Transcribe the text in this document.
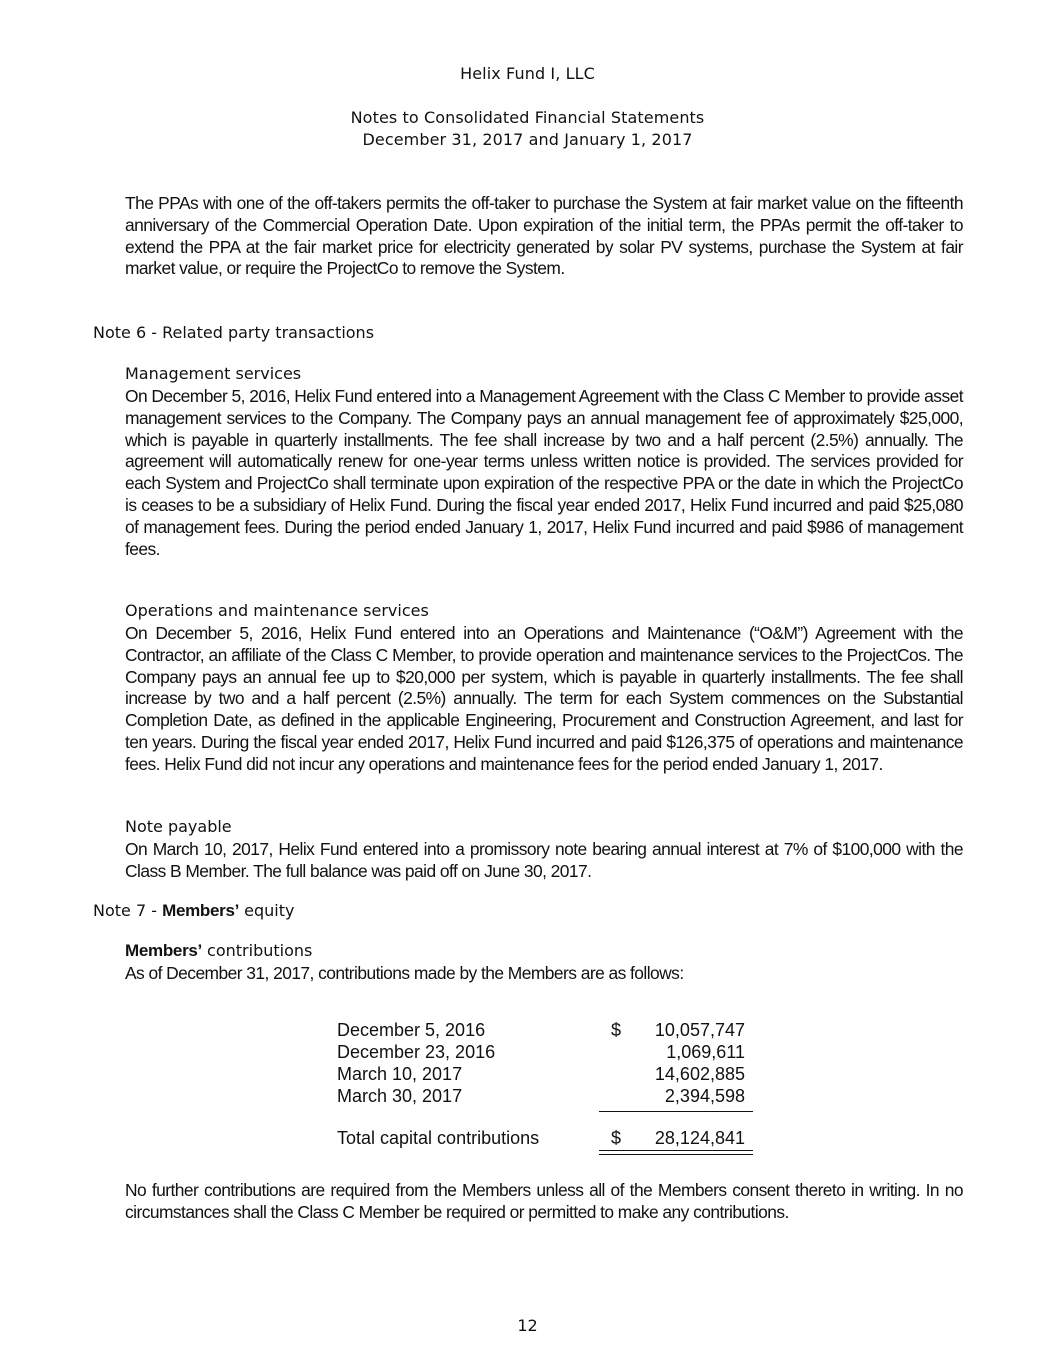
Helix Fund I, LLC
Notes to Consolidated Financial Statements
December 31, 2017 and January 1, 2017
The PPAs with one of the off-takers permits the off-taker to purchase the System at fair market value on the fifteenth anniversary of the Commercial Operation Date. Upon expiration of the initial term, the PPAs permit the off-taker to extend the PPA at the fair market price for electricity generated by solar PV systems, purchase the System at fair market value, or require the ProjectCo to remove the System.
Note 6 - Related party transactions
Management services
On December 5, 2016, Helix Fund entered into a Management Agreement with the Class C Member to provide asset management services to the Company. The Company pays an annual management fee of approximately $25,000, which is payable in quarterly installments. The fee shall increase by two and a half percent (2.5%) annually. The agreement will automatically renew for one-year terms unless written notice is provided. The services provided for each System and ProjectCo shall terminate upon expiration of the respective PPA or the date in which the ProjectCo is ceases to be a subsidiary of Helix Fund. During the fiscal year ended 2017, Helix Fund incurred and paid $25,080 of management fees. During the period ended January 1, 2017, Helix Fund incurred and paid $986 of management fees.
Operations and maintenance services
On December 5, 2016, Helix Fund entered into an Operations and Maintenance (“O&M”) Agreement with the Contractor, an affiliate of the Class C Member, to provide operation and maintenance services to the ProjectCos. The Company pays an annual fee up to $20,000 per system, which is payable in quarterly installments. The fee shall increase by two and a half percent (2.5%) annually. The term for each System commences on the Substantial Completion Date, as defined in the applicable Engineering, Procurement and Construction Agreement, and last for ten years. During the fiscal year ended 2017, Helix Fund incurred and paid $126,375 of operations and maintenance fees. Helix Fund did not incur any operations and maintenance fees for the period ended January 1, 2017.
Note payable
On March 10, 2017, Helix Fund entered into a promissory note bearing annual interest at 7% of $100,000 with the Class B Member. The full balance was paid off on June 30, 2017.
Note 7 - Members’ equity
Members’ contributions
As of December 31, 2017, contributions made by the Members are as follows:
December 5, 2016	$ 10,057,747
December 23, 2016	1,069,611
March 10, 2017	14,602,885
March 30, 2017	2,394,598
Total capital contributions	$ 28,124,841
No further contributions are required from the Members unless all of the Members consent thereto in writing. In no circumstances shall the Class C Member be required or permitted to make any contributions.
12
